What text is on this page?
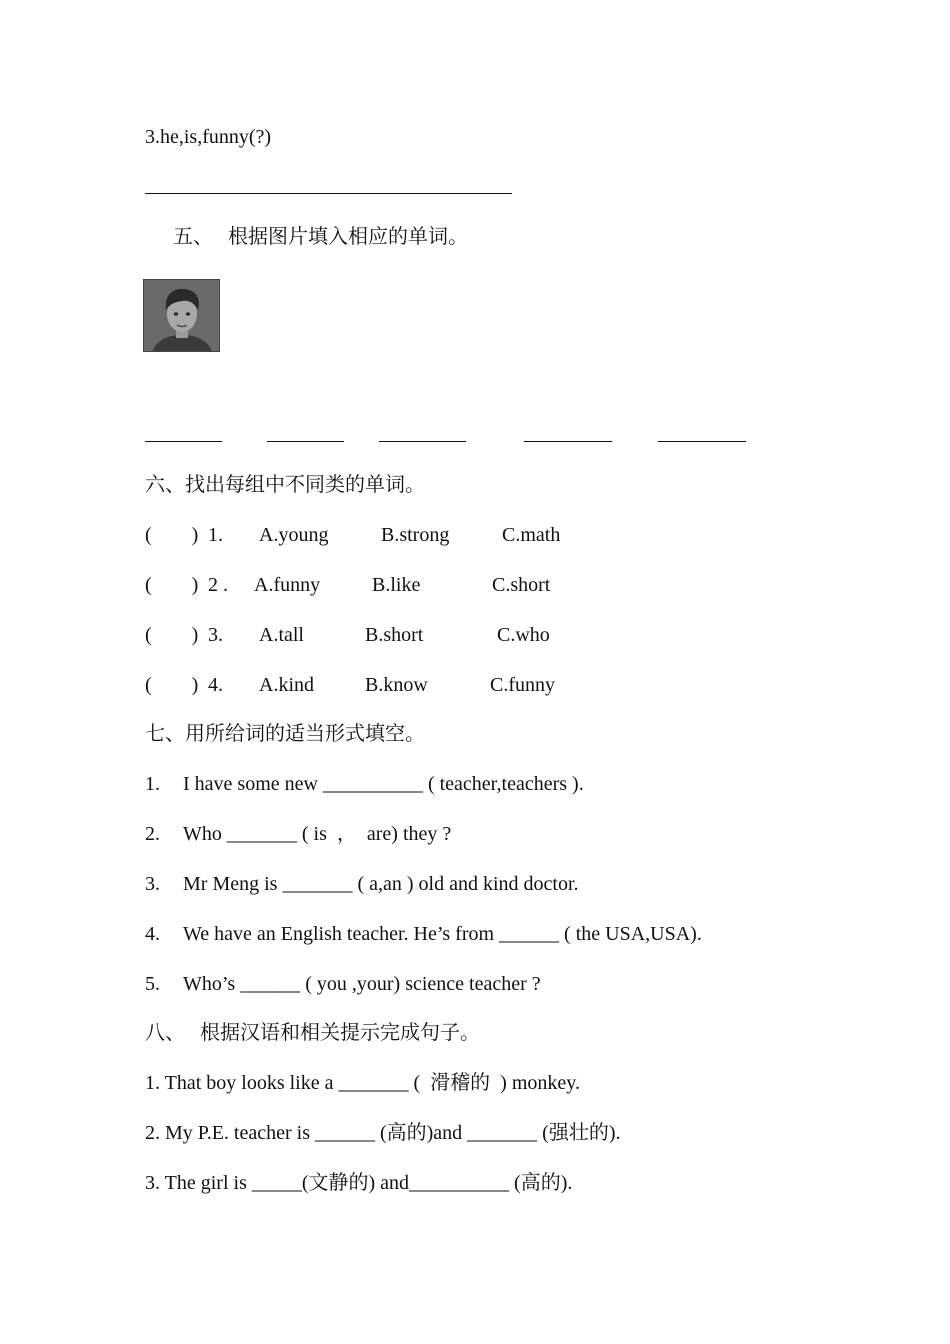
3.he,is,funny(?)
五、   根据图片填入相应的单词。
六、找出每组中不同类的单词。
(        ) 1. A.young	B.strong	C.math
(        ) 2 . A.funny	B.like	C.short
(        ) 3. A.tall	B.short	C.who
(        ) 4. A.kind	B.know	C.funny
七、用所给词的适当形式填空。
1. I have some new __________ ( teacher,teachers ).
2. Who _______ ( is  ，  are) they ?
3. Mr Meng is _______ ( a,an ) old and kind doctor.
4. We have an English teacher. He’s from ______ ( the USA,USA).
5. Who’s ______ ( you ,your) science teacher ?
八、   根据汉语和相关提示完成句子。
1. That boy looks like a _______ (  滑稽的  ) monkey.
2. My P.E. teacher is ______ (高的)and _______ (强壮的).
3. The girl is _____(文静的) and__________ (高的).
